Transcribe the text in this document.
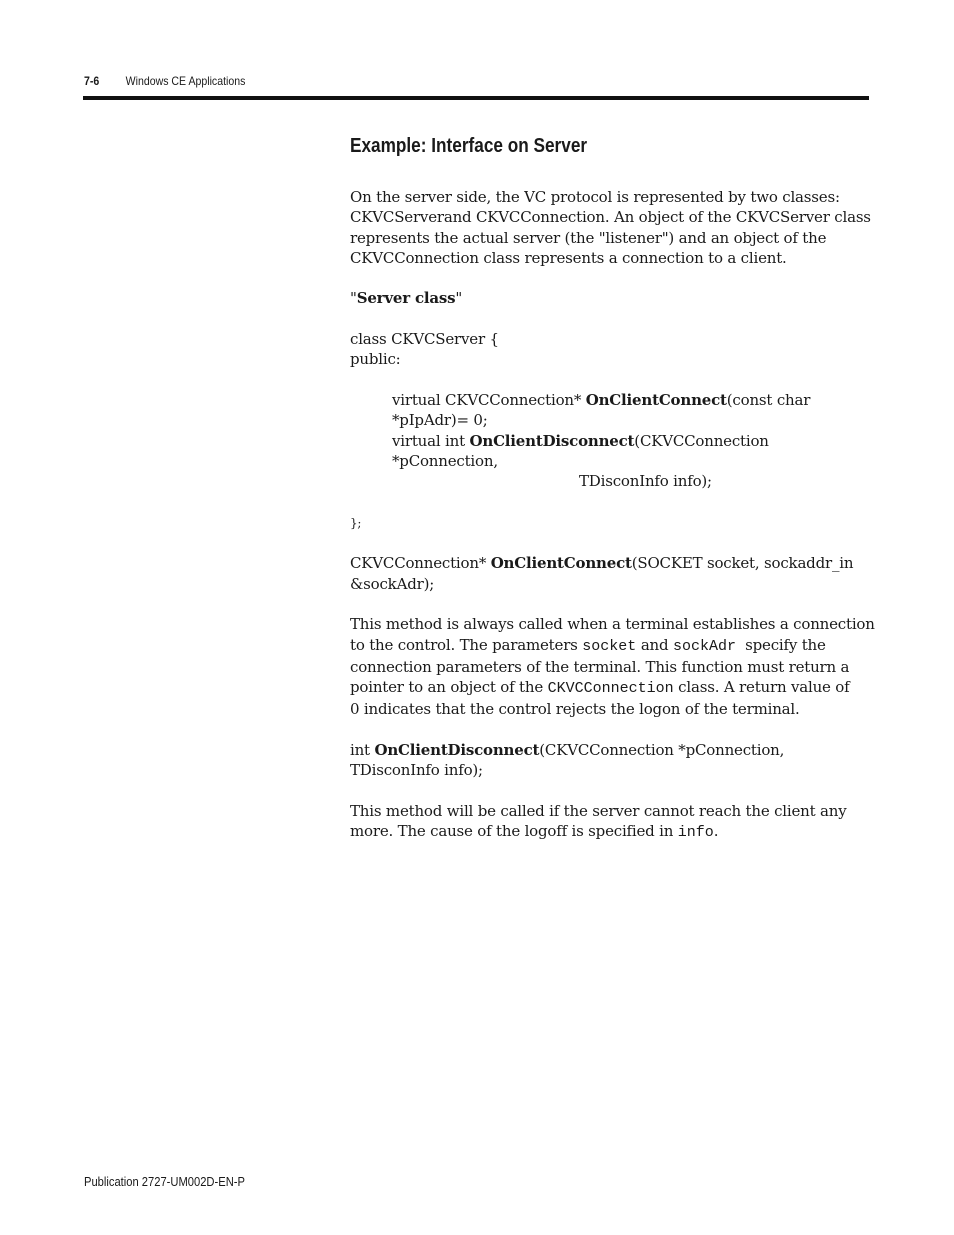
7-6 Windows CE Applications
Example: Interface on Server

On the server side, the VC protocol is represented by two classes:
CKVCServerand CKVCConnection. An object of the CKVCServer class
represents the actual server (the "listener") and an object of the
CKVCConnection class represents a connection to a client.

"Server class"

class CKVCServer {
public:

virtual CKVCConnection* OnClientConnect(const char
*pIpAdr)= 0;
virtual int OnClientDisconnect(CKVCConnection
*pConnection,
TDisconInfo info);

};

CKVCConnection* OnClientConnect(SOCKET socket, sockaddr_in
&sockAdr);

This method is always called when a terminal establishes a connection
to the control. The parameters socket and sockAdr  specify the
connection parameters of the terminal. This function must return a
pointer to an object of the CKVCConnection class. A return value of
0 indicates that the control rejects the logon of the terminal.

int OnClientDisconnect(CKVCConnection *pConnection,
TDisconInfo info);

This method will be called if the server cannot reach the client any
more. The cause of the logoff is specified in info.

Publication 2727-UM002D-EN-P
